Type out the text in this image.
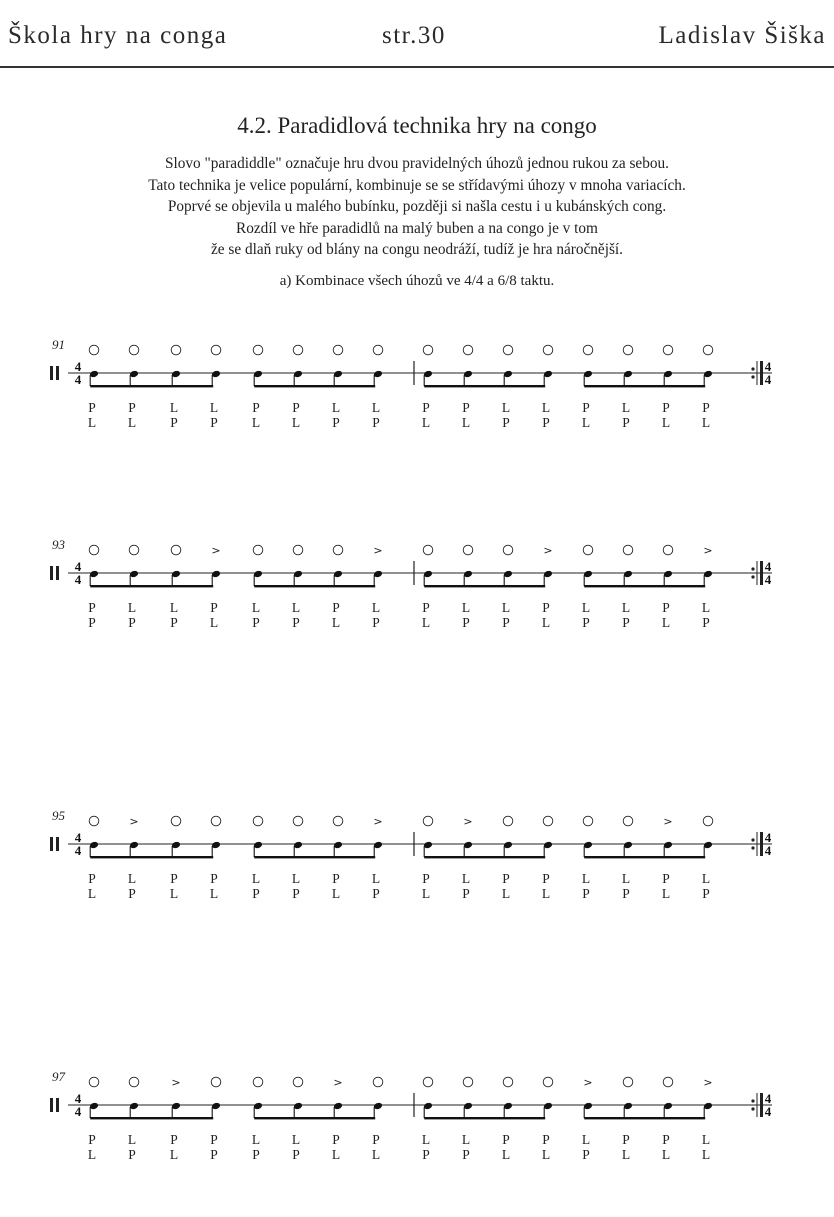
Škola hry na conga	str.30	Ladislav Šiška
4.2. Paradidlová technika hry na congo
Slovo "paradiddle" označuje hru dvou pravidelných úhozů jednou rukou za sebou.
Tato technika je velice populární, kombinuje se se střídavými úhozy v mnoha variacích.
Poprvé se objevila u malého bubínku, později si našla cestu i u kubánských cong.
Rozdíl ve hře paradidlů na malý buben a na congo je v tom
že se dlaň ruky od blány na congu neodráží, tudíž je hra náročnější.
a) Kombinace všech úhozů ve 4/4 a 6/8 taktu.
91
4
4
4
4
P
L
P
L
L
P
L
P
P
L
P
L
L
P
L
P
P
L
P
L
L
P
L
P
P
L
L
P
P
L
P
L
93
4
4
4
4
P
P
L
P
L
P
>
P
L
L
P
L
P
P
L
>
L
P
P
L
L
P
L
P
>
P
L
L
P
L
P
P
L
>
L
P
95
4
4
4
4
P
L
>
L
P
P
L
P
L
L
P
L
P
P
L
>
L
P
P
L
>
L
P
P
L
P
L
L
P
L
P
>
P
L
L
P
97
4
4
4
4
P
L
L
P
>
P
L
P
P
L
P
L
P
>
P
L
P
L
L
P
L
P
P
L
P
L
>
L
P
P
L
P
L
>
L
L
